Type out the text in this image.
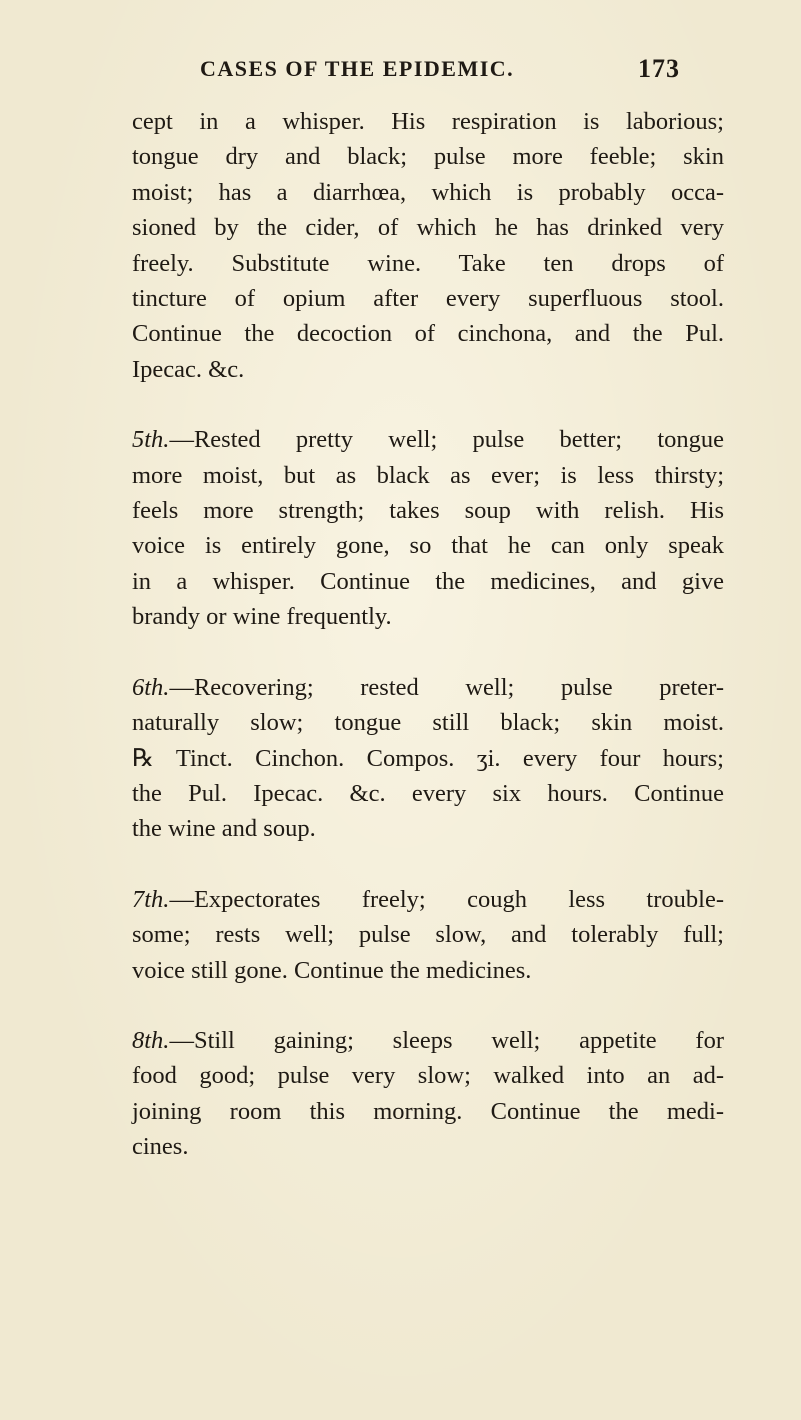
CASES OF THE EPIDEMIC.	173
cept in a whisper. His respiration is laborious;
tongue dry and black; pulse more feeble; skin
moist; has a diarrhœa, which is probably occa-
sioned by the cider, of which he has drinked very
freely. Substitute wine. Take ten drops of
tincture of opium after every superfluous stool.
Continue the decoction of cinchona, and the Pul.
Ipecac. &c.
5th.—Rested pretty well; pulse better; tongue
more moist, but as black as ever; is less thirsty;
feels more strength; takes soup with relish. His
voice is entirely gone, so that he can only speak
in a whisper. Continue the medicines, and give
brandy or wine frequently.
6th.—Recovering; rested well; pulse preter-
naturally slow; tongue still black; skin moist.
℞ Tinct. Cinchon. Compos. ʒi. every four hours;
the Pul. Ipecac. &c. every six hours. Continue
the wine and soup.
7th.—Expectorates freely; cough less trouble-
some; rests well; pulse slow, and tolerably full;
voice still gone. Continue the medicines.
8th.—Still gaining; sleeps well; appetite for
food good; pulse very slow; walked into an ad-
joining room this morning. Continue the medi-
cines.
